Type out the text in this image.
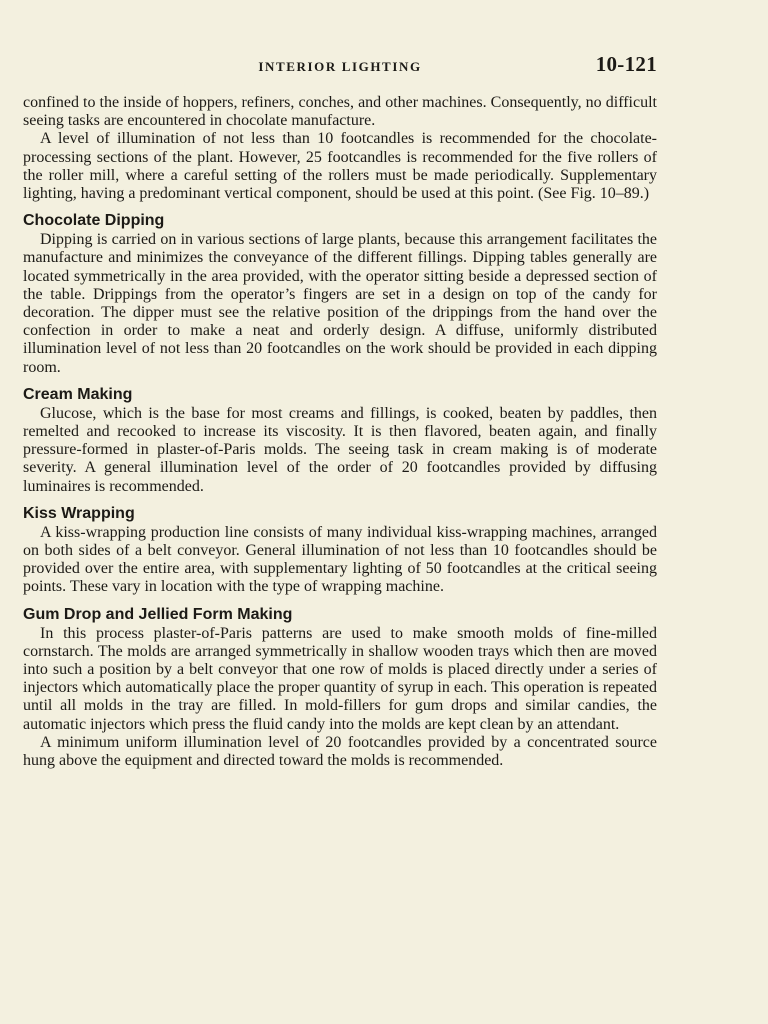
INTERIOR LIGHTING	10-121

confined to the inside of hoppers, refiners, conches, and other machines. Consequently, no difficult seeing tasks are encountered in chocolate manufacture.

A level of illumination of not less than 10 footcandles is recommended for the chocolate-processing sections of the plant. However, 25 footcandles is recommended for the five rollers of the roller mill, where a careful setting of the rollers must be made periodically. Supplementary lighting, having a predominant vertical component, should be used at this point. (See Fig. 10–89.)

Chocolate Dipping

Dipping is carried on in various sections of large plants, because this arrangement facilitates the manufacture and minimizes the conveyance of the different fillings. Dipping tables generally are located symmetrically in the area provided, with the operator sitting beside a depressed section of the table. Drippings from the operator’s fingers are set in a design on top of the candy for decoration. The dipper must see the relative position of the drippings from the hand over the confection in order to make a neat and orderly design. A diffuse, uniformly distributed illumination level of not less than 20 footcandles on the work should be provided in each dipping room.

Cream Making

Glucose, which is the base for most creams and fillings, is cooked, beaten by paddles, then remelted and recooked to increase its viscosity. It is then flavored, beaten again, and finally pressure-formed in plaster-of-Paris molds. The seeing task in cream making is of moderate severity. A general illumination level of the order of 20 footcandles provided by diffusing luminaires is recommended.

Kiss Wrapping

A kiss-wrapping production line consists of many individual kiss-wrapping machines, arranged on both sides of a belt conveyor. General illumination of not less than 10 footcandles should be provided over the entire area, with supplementary lighting of 50 footcandles at the critical seeing points. These vary in location with the type of wrapping machine.

Gum Drop and Jellied Form Making

In this process plaster-of-Paris patterns are used to make smooth molds of fine-milled cornstarch. The molds are arranged symmetrically in shallow wooden trays which then are moved into such a position by a belt conveyor that one row of molds is placed directly under a series of injectors which automatically place the proper quantity of syrup in each. This operation is repeated until all molds in the tray are filled. In mold-fillers for gum drops and similar candies, the automatic injectors which press the fluid candy into the molds are kept clean by an attendant.

A minimum uniform illumination level of 20 footcandles provided by a concentrated source hung above the equipment and directed toward the molds is recommended.
